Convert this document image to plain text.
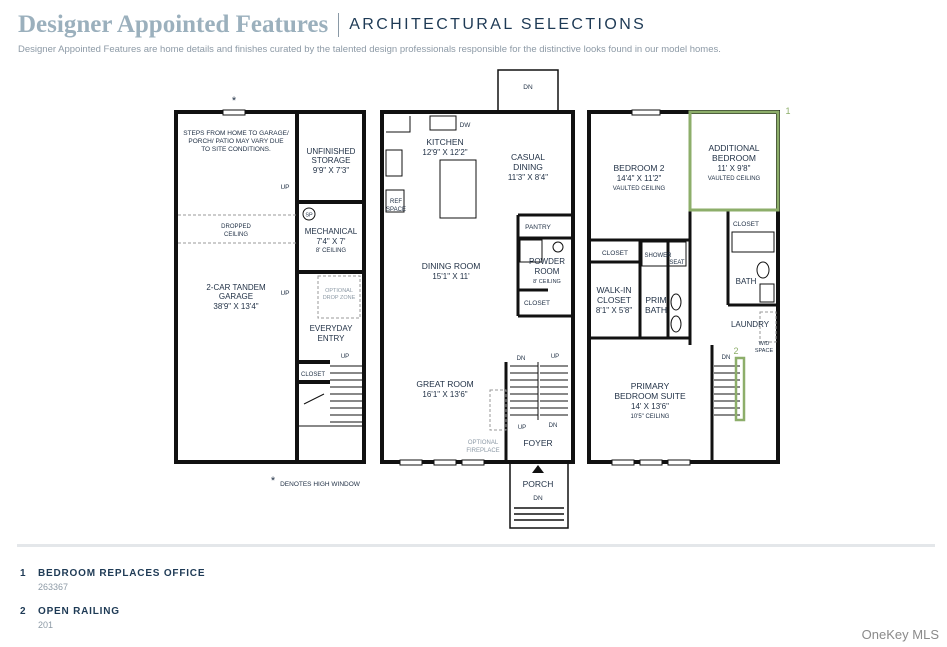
Designer Appointed Features ARCHITECTURAL SELECTIONS
Designer Appointed Features are home details and finishes curated by the talented design professionals responsible for the distinctive looks found in our model homes.
*
STEPS FROM HOME TO GARAGE/
PORCH/ PATIO MAY VARY DUE
TO SITE CONDITIONS.	UNFINISHED
STORAGE
9'9" X 7'3"
UP
DROPPED
CEILING	MECHANICAL
7'4" X 7'
8' CEILING
2-CAR TANDEM
GARAGE
38'9" X 13'4"
UP	OPTIONAL
DROP ZONE
EVERYDAY
ENTRY
UP
CLOSET
* DENOTES HIGH WINDOW
SP
DN
DW
KITCHEN
12'9" X 12'2"	CASUAL
DINING
11'3" X 8'4"
REF
SPACE
PANTRY
POWDER
ROOM
8' CEILING
DINING ROOM
15'1" X 11'
CLOSET
DN	UP
GREAT ROOM
16'1" X 13'6"
UP	DN
FOYER
OPTIONAL
FIREPLACE
PORCH
DN
1
ADDITIONAL
BEDROOM
11' X 9'8"
VAULTED CEILING
BEDROOM 2
14'4" X 11'2"
VAULTED CEILING
CLOSET
CLOSET	SHOWER
SEAT
BATH
WALK-IN
CLOSET
8'1" X 5'8"
PRIM
BATH
LAUNDRY
W/D
SPACE
DN
2
PRIMARY
BEDROOM SUITE
14' X 13'6"
10'5" CEILING
1 BEDROOM REPLACES OFFICE
263367
2 OPEN RAILING
201
OneKey MLS
